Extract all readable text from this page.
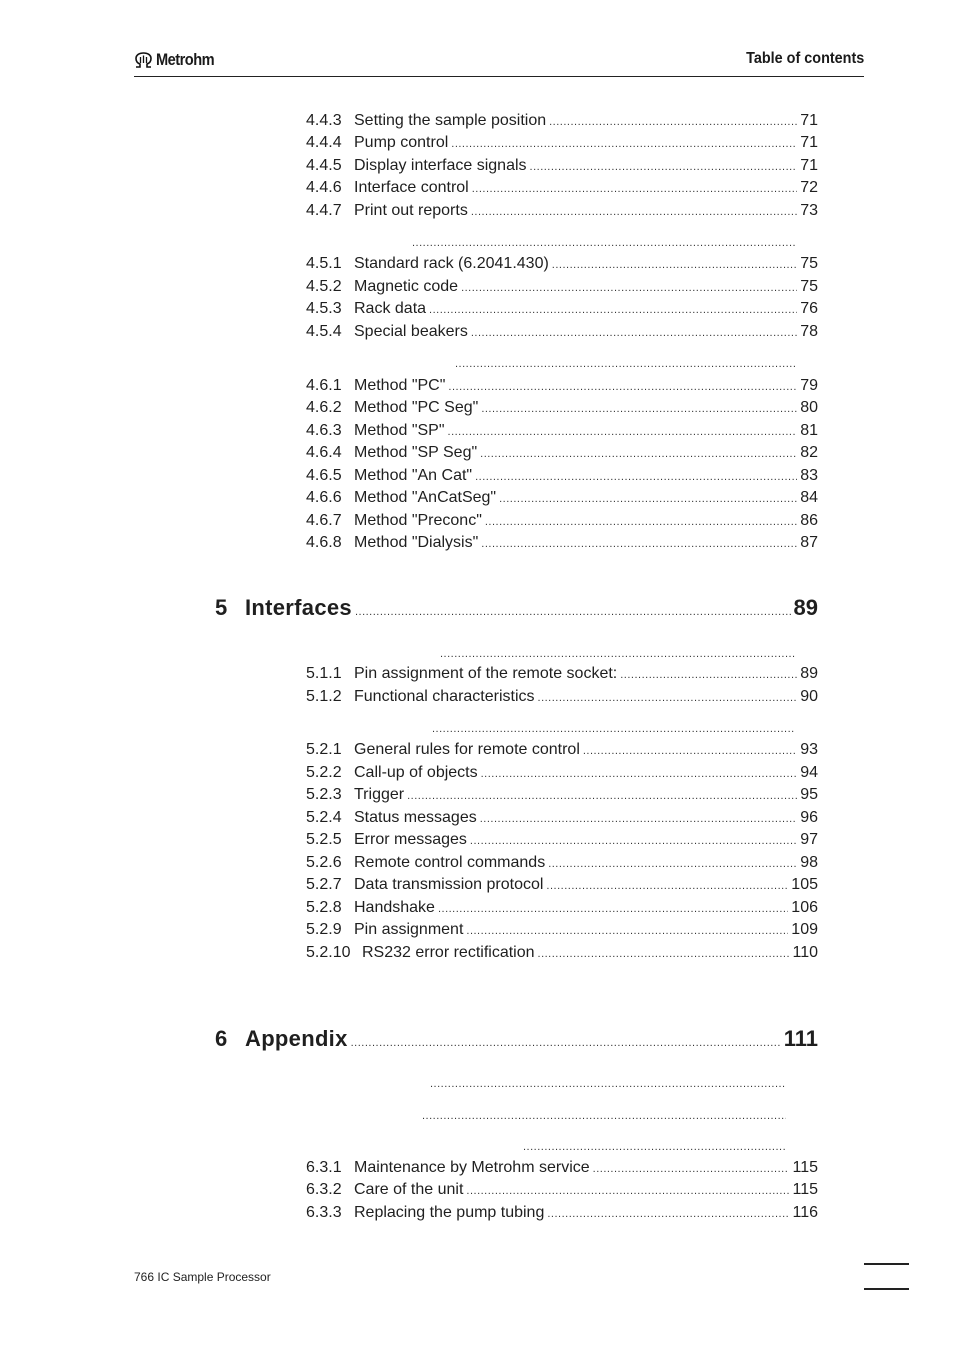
Metrohm	Table of contents
4.4.3 Setting the sample position .....	71
4.4.4 Pump control .....	71
4.4.5 Display interface signals .....	71
4.4.6 Interface control .....	72
4.4.7 Print out reports .....	73
.....
4.5.1 Standard rack (6.2041.430) .....	75
4.5.2 Magnetic code .....	75
4.5.3 Rack data .....	76
4.5.4 Special beakers .....	78
.....
4.6.1 Method "PC" .....	79
4.6.2 Method "PC Seg" .....	80
4.6.3 Method "SP" .....	81
4.6.4 Method "SP Seg" .....	82
4.6.5 Method "An Cat" .....	83
4.6.6 Method "AnCatSeg" .....	84
4.6.7 Method "Preconc" .....	86
4.6.8 Method "Dialysis" .....	87
5 Interfaces .....	89
.....
5.1.1 Pin assignment of the remote socket: .....	89
5.1.2 Functional characteristics .....	90
.....
5.2.1 General rules for remote control .....	93
5.2.2 Call-up of objects .....	94
5.2.3 Trigger .....	95
5.2.4 Status messages .....	96
5.2.5 Error messages .....	97
5.2.6 Remote control commands .....	98
5.2.7 Data transmission protocol .....	105
5.2.8 Handshake .....	106
5.2.9 Pin assignment .....	109
5.2.10 RS232 error rectification .....	110
6 Appendix .....	111
.....
.....
.....
6.3.1 Maintenance by Metrohm service .....	115
6.3.2 Care of the unit .....	115
6.3.3 Replacing the pump tubing .....	116
766 IC Sample Processor
